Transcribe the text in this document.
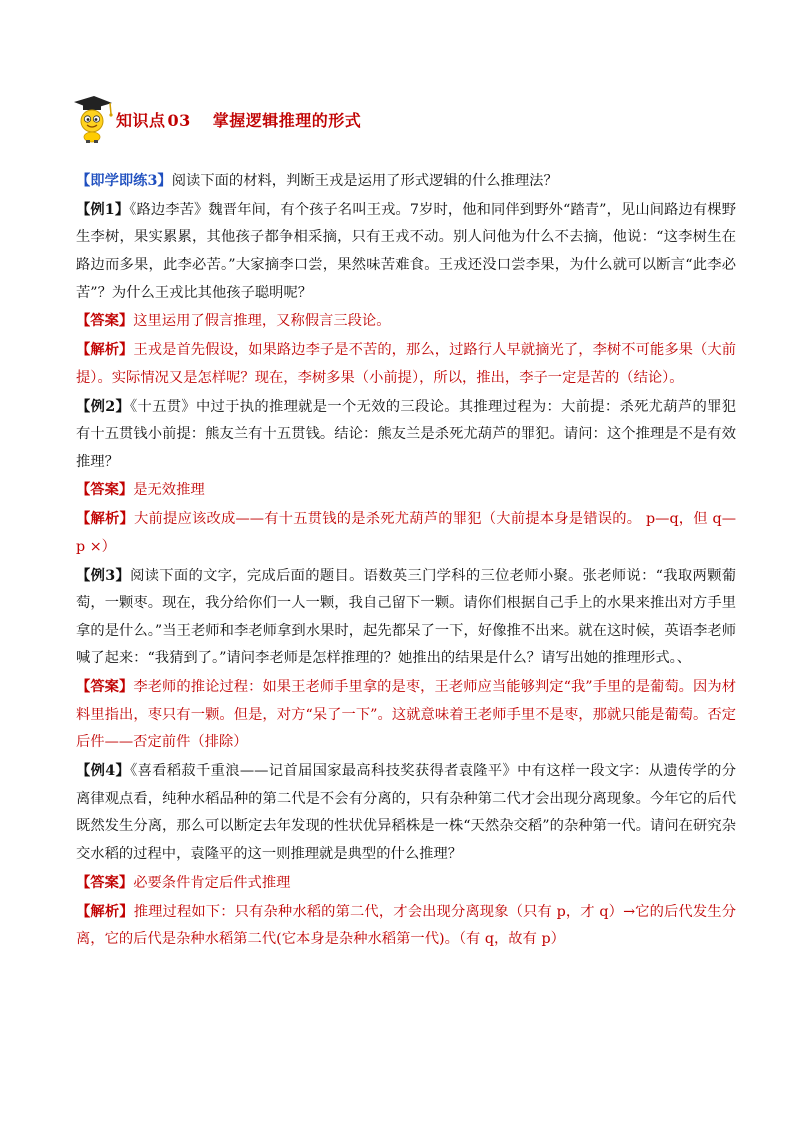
知识点 03 掌握逻辑推理的形式

【即学即练3】阅读下面的材料，判断王戎是运用了形式逻辑的什么推理法？

【例1】《路边李苦》魏晋年间，有个孩子名叫王戎。7岁时，他和同伴到野外“踏青”，见山间路边有棵野生李树，果实累累，其他孩子都争相采摘，只有王戎不动。别人问他为什么不去摘，他说：“这李树生在路边而多果，此李必苦。”大家摘李口尝，果然味苦难食。王戎还没口尝李果，为什么就可以断言“此李必苦”？为什么王戎比其他孩子聪明呢？

【答案】这里运用了假言推理，又称假言三段论。

【解析】王戎是首先假设，如果路边李子是不苦的，那么，过路行人早就摘光了，李树不可能多果（大前提）。实际情况又是怎样呢？现在，李树多果（小前提），所以，推出，李子一定是苦的（结论）。

【例2】《十五贯》中过于执的推理就是一个无效的三段论。其推理过程为：大前提：杀死尤葫芦的罪犯有十五贯钱小前提：熊友兰有十五贯钱。结论：熊友兰是杀死尤葫芦的罪犯。请问：这个推理是不是有效推理？

【答案】是无效推理

【解析】大前提应该改成——有十五贯钱的是杀死尤葫芦的罪犯（大前提本身是错误的。 p—q，但 q—p ×）

【例3】阅读下面的文字，完成后面的题目。语数英三门学科的三位老师小聚。张老师说：“我取两颗葡萄，一颗枣。现在，我分给你们一人一颗，我自己留下一颗。请你们根据自己手上的水果来推出对方手里拿的是什么。”当王老师和李老师拿到水果时，起先都呆了一下，好像推不出来。就在这时候，英语李老师喊了起来：“我猜到了。”请问李老师是怎样推理的？她推出的结果是什么？请写出她的推理形式。、

【答案】李老师的推论过程：如果王老师手里拿的是枣，王老师应当能够判定“我”手里的是葡萄。因为材料里指出，枣只有一颗。但是，对方“呆了一下”。这就意味着王老师手里不是枣，那就只能是葡萄。否定后件——否定前件（排除）

【例4】《喜看稻菽千重浪——记首届国家最高科技奖获得者袁隆平》中有这样一段文字：从遗传学的分离律观点看，纯种水稻品种的第二代是不会有分离的，只有杂种第二代才会出现分离现象。今年它的后代既然发生分离，那么可以断定去年发现的性状优异稻株是一株“天然杂交稻”的杂种第一代。请问在研究杂交水稻的过程中，袁隆平的这一则推理就是典型的什么推理？

【答案】必要条件肯定后件式推理

【解析】推理过程如下：只有杂种水稻的第二代，才会出现分离现象（只有 p，才 q）→它的后代发生分离，它的后代是杂种水稻第二代(它本身是杂种水稻第一代)。（有 q，故有 p）
